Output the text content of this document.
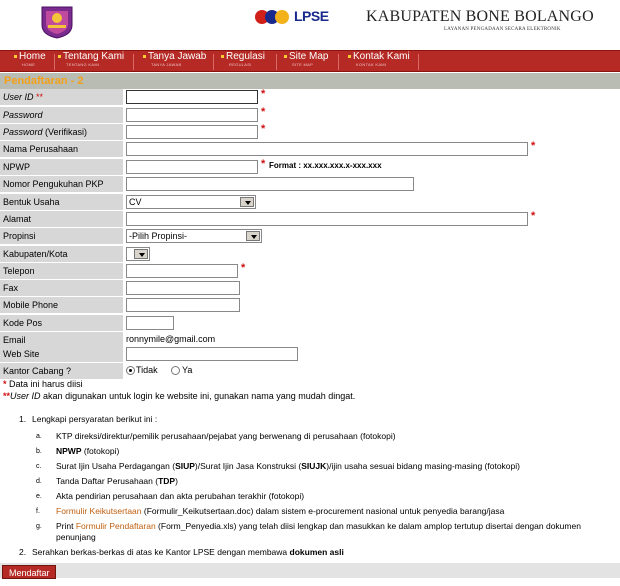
LPSE KABUPATEN BONE BOLANGO
LAYANAN PENGADAAN SECARA ELEKTRONIK
Home
HOME
Tentang Kami
TENTANG KAMI
Tanya Jawab
TANYA JAWAB
Regulasi
REGULASI
Site Map
SITE MAP
Kontak Kami
KONTAK KAMI
Pendaftaran - 2
User ID **	*
Password	*
Password (Verifikasi)	*
Nama Perusahaan	*
NPWP	* Format : xx.xxx.xxx.x-xxx.xxx
Nomor Pengukuhan PKP
Bentuk Usaha	CV
Alamat	*
Propinsi	-Pilih Propinsi-
Kabupaten/Kota
Telepon	*
Fax
Mobile Phone
Kode Pos
Email	ronnymile@gmail.com
Web Site
Kantor Cabang ?	Tidak	Ya
* Data ini harus diisi
**User ID akan digunakan untuk login ke website ini, gunakan nama yang mudah dingat.
1. Lengkapi persyaratan berikut ini :
a. KTP direksi/direktur/pemilik perusahaan/pejabat yang berwenang di perusahaan (fotokopi)
b. NPWP (fotokopi)
c. Surat Ijin Usaha Perdagangan (SIUP)/Surat Ijin Jasa Konstruksi (SIUJK)/ijin usaha sesuai bidang masing-masing (fotokopi)
d. Tanda Daftar Perusahaan (TDP)
e. Akta pendirian perusahaan dan akta perubahan terakhir (fotokopi)
f. Formulir Keikutsertaan (Formulir_Keikutsertaan.doc) dalam sistem e-procurement nasional untuk penyedia barang/jasa
g. Print Formulir Pendaftaran (Form_Penyedia.xls) yang telah diisi lengkap dan masukkan ke dalam amplop tertutup disertai dengan dokumen penunjang
2. Serahkan berkas-berkas di atas ke Kantor LPSE dengan membawa dokumen asli
Mendaftar
